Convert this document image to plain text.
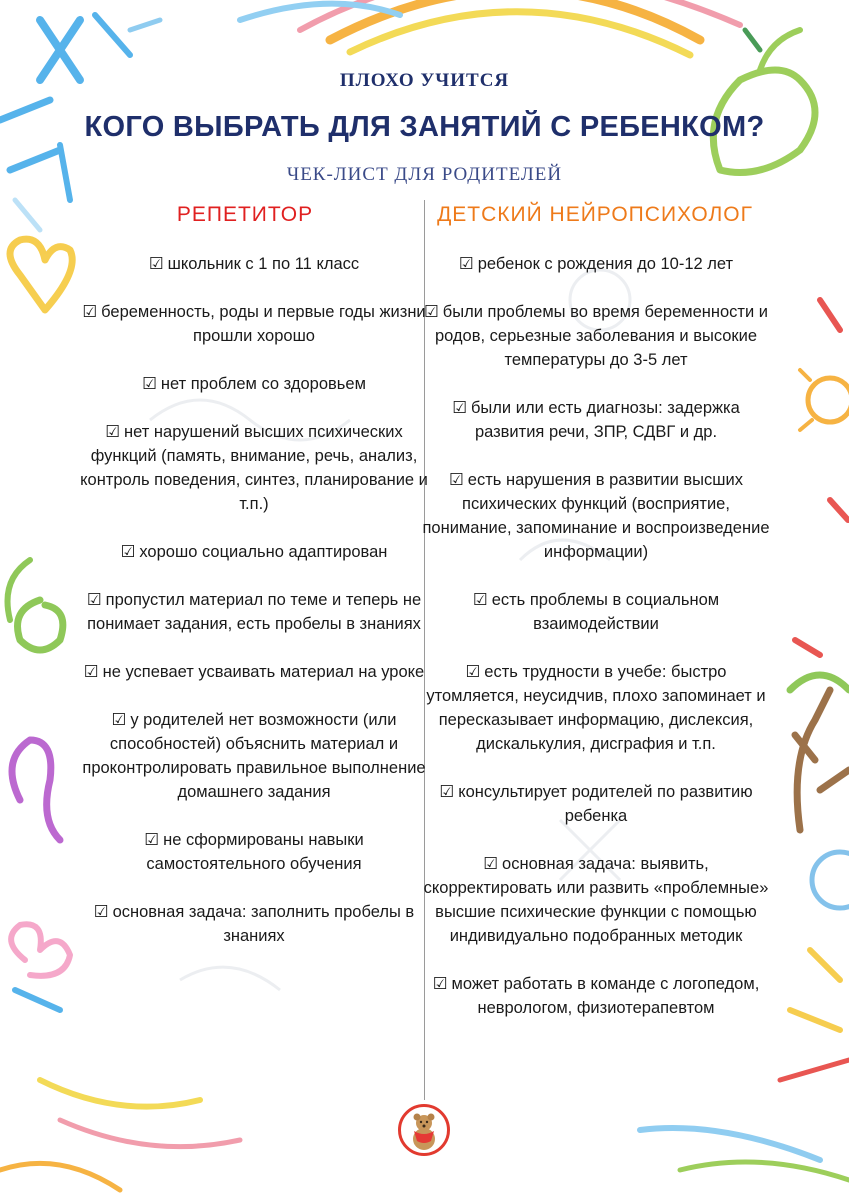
ПЛОХО УЧИТСЯ
КОГО ВЫБРАТЬ ДЛЯ ЗАНЯТИЙ С РЕБЕНКОМ?
ЧЕК-ЛИСТ ДЛЯ РОДИТЕЛЕЙ
РЕПЕТИТОР	ДЕТСКИЙ НЕЙРОПСИХОЛОГ
☑ школьник с 1 по 11 класс
☑ беременность, роды и первые годы жизни прошли хорошо
☑ нет проблем со здоровьем
☑ нет нарушений высших психических функций (память, внимание, речь, анализ, контроль поведения, синтез, планирование и т.п.)
☑ хорошо социально адаптирован
☑ пропустил материал по теме и теперь не понимает задания, есть пробелы в знаниях
☑ не успевает усваивать материал на уроке
☑ у родителей нет возможности (или способностей) объяснить материал и проконтролировать правильное выполнение домашнего задания
☑ не сформированы навыки самостоятельного обучения
☑ основная задача: заполнить пробелы в знаниях
☑ ребенок с рождения до 10-12 лет
☑ были проблемы во время беременности и родов, серьезные заболевания и высокие температуры до 3-5 лет
☑ были или есть диагнозы: задержка развития речи, ЗПР, СДВГ и др.
☑ есть нарушения в развитии высших психических функций (восприятие, понимание, запоминание и воспроизведение информации)
☑ есть проблемы в социальном взаимодействии
☑ есть трудности в учебе: быстро утомляется, неусидчив, плохо запоминает и пересказывает информацию, дислексия, дискалькулия, дисграфия и т.п.
☑ консультирует родителей по развитию ребенка
☑ основная задача: выявить, скорректировать или развить «проблемные» высшие психические функции с помощью индивидуально подобранных методик
☑ может работать в команде с логопедом, неврологом, физиотерапевтом
